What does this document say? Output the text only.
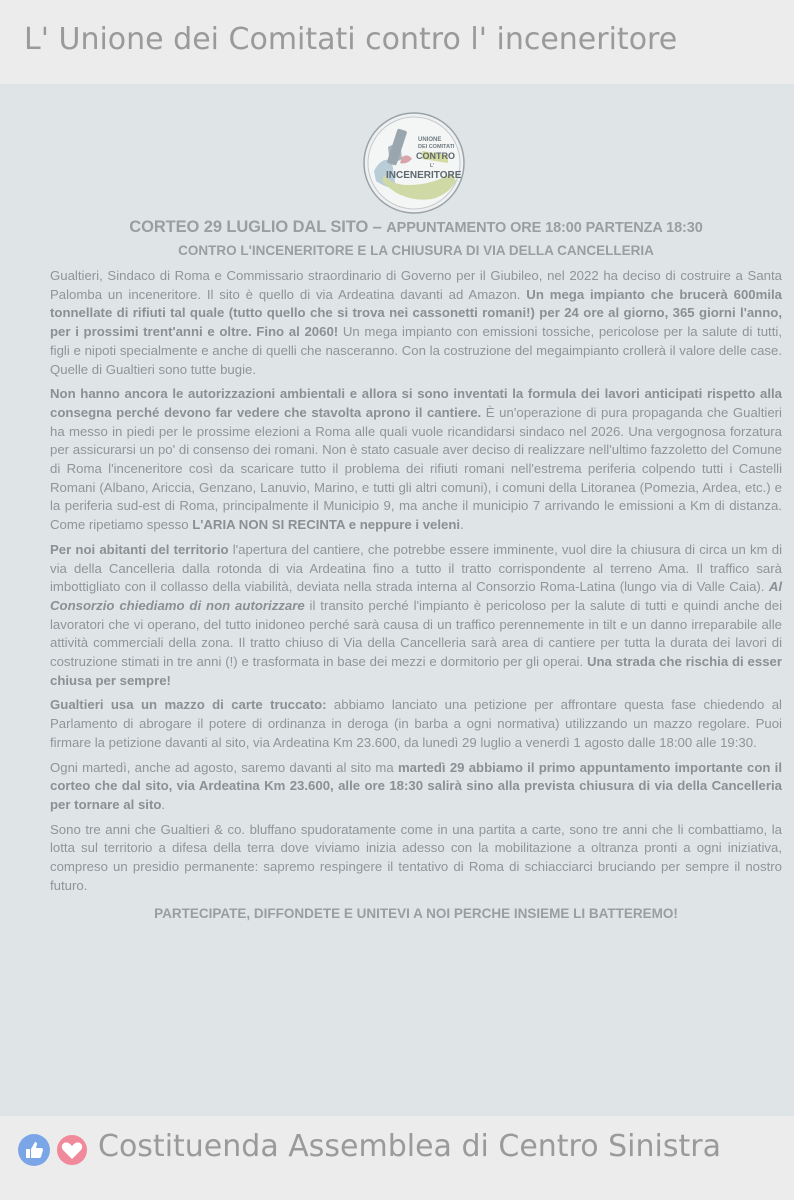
L' Unione dei Comitati contro l' inceneritore
UNIONE
DEI COMITATI
CONTRO
L'
INCENERITORE
CORTEO 29 LUGLIO DAL SITO – APPUNTAMENTO ORE 18:00 PARTENZA 18:30
CONTRO L'INCENERITORE E LA CHIUSURA DI VIA DELLA CANCELLERIA

Gualtieri, Sindaco di Roma e Commissario straordinario di Governo per il Giubileo, nel 2022 ha deciso di costruire a Santa Palomba un inceneritore. Il sito è quello di via Ardeatina davanti ad Amazon. Un mega impianto che brucerà 600mila tonnellate di rifiuti tal quale (tutto quello che si trova nei cassonetti romani!) per 24 ore al giorno, 365 giorni l'anno, per i prossimi trent'anni e oltre. Fino al 2060! Un mega impianto con emissioni tossiche, pericolose per la salute di tutti, figli e nipoti specialmente e anche di quelli che nasceranno. Con la costruzione del megaimpianto crollerà il valore delle case. Quelle di Gualtieri sono tutte bugie.

Non hanno ancora le autorizzazioni ambientali e allora si sono inventati la formula dei lavori anticipati rispetto alla consegna perché devono far vedere che stavolta aprono il cantiere. È un'operazione di pura propaganda che Gualtieri ha messo in piedi per le prossime elezioni a Roma alle quali vuole ricandidarsi sindaco nel 2026. Una vergognosa forzatura per assicurarsi un po' di consenso dei romani. Non è stato casuale aver deciso di realizzare nell'ultimo fazzoletto del Comune di Roma l'inceneritore così da scaricare tutto il problema dei rifiuti romani nell'estrema periferia colpendo tutti i Castelli Romani (Albano, Ariccia, Genzano, Lanuvio, Marino, e tutti gli altri comuni), i comuni della Litoranea (Pomezia, Ardea, etc.) e la periferia sud-est di Roma, principalmente il Municipio 9, ma anche il municipio 7 arrivando le emissioni a Km di distanza. Come ripetiamo spesso L'ARIA NON SI RECINTA e neppure i veleni.

Per noi abitanti del territorio l'apertura del cantiere, che potrebbe essere imminente, vuol dire la chiusura di circa un km di via della Cancelleria dalla rotonda di via Ardeatina fino a tutto il tratto corrispondente al terreno Ama. Il traffico sarà imbottigliato con il collasso della viabilità, deviata nella strada interna al Consorzio Roma-Latina (lungo via di Valle Caia). Al Consorzio chiediamo di non autorizzare il transito perché l'impianto è pericoloso per la salute di tutti e quindi anche dei lavoratori che vi operano, del tutto inidoneo perché sarà causa di un traffico perennemente in tilt e un danno irreparabile alle attività commerciali della zona. Il tratto chiuso di Via della Cancelleria sarà area di cantiere per tutta la durata dei lavori di costruzione stimati in tre anni (!) e trasformata in base dei mezzi e dormitorio per gli operai. Una strada che rischia di esser chiusa per sempre!

Gualtieri usa un mazzo di carte truccato: abbiamo lanciato una petizione per affrontare questa fase chiedendo al Parlamento di abrogare il potere di ordinanza in deroga (in barba a ogni normativa) utilizzando un mazzo regolare. Puoi firmare la petizione davanti al sito, via Ardeatina Km 23.600, da lunedì 29 luglio a venerdì 1 agosto dalle 18:00 alle 19:30.

Ogni martedì, anche ad agosto, saremo davanti al sito ma martedì 29 abbiamo il primo appuntamento importante con il corteo che dal sito, via Ardeatina Km 23.600, alle ore 18:30 salirà sino alla prevista chiusura di via della Cancelleria per tornare al sito.

Sono tre anni che Gualtieri & co. bluffano spudoratamente come in una partita a carte, sono tre anni che li combattiamo, la lotta sul territorio a difesa della terra dove viviamo inizia adesso con la mobilitazione a oltranza pronti a ogni iniziativa, compreso un presidio permanente: sapremo respingere il tentativo di Roma di schiacciarci bruciando per sempre il nostro futuro.

PARTECIPATE, DIFFONDETE E UNITEVI A NOI PERCHE INSIEME LI BATTEREMO!
Costituenda Assemblea di Centro Sinistra
